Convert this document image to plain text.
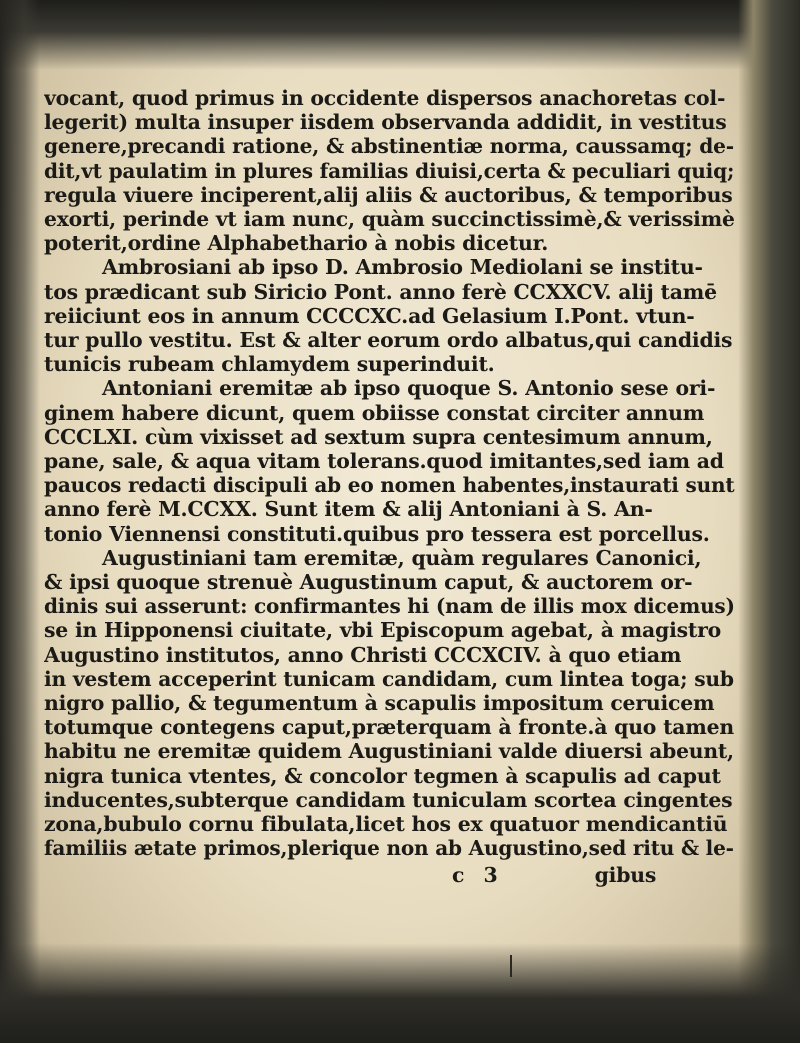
vocant, quod primus in occidente dispersos anachoretas col-
legerit) multa insuper iisdem observanda addidit, in vestitus
genere,precandi ratione, & abstinentiæ norma, caussamq; de-
dit,vt paulatim in plures familias diuisi,certa & peculiari quiq;
regula viuere inciperent,alij aliis & auctoribus, & temporibus
exorti, perinde vt iam nunc, quàm succinctissimè,& verissimè
poterit,ordine Alphabethario à nobis dicetur.
Ambrosiani ab ipso D. Ambrosio Mediolani se institu-
tos prædicant sub Siricio Pont. anno ferè CCXXCV. alij tamē
reiiciunt eos in annum CCCCXC.ad Gelasium I.Pont. vtun-
tur pullo vestitu. Est & alter eorum ordo albatus,qui candidis
tunicis rubeam chlamydem superinduit.
Antoniani eremitæ ab ipso quoque S. Antonio sese ori-
ginem habere dicunt, quem obiisse constat circiter annum
CCCLXI. cùm vixisset ad sextum supra centesimum annum,
pane, sale, & aqua vitam tolerans.quod imitantes,sed iam ad
paucos redacti discipuli ab eo nomen habentes,instaurati sunt
anno ferè M.CCXX. Sunt item & alij Antoniani à S. An-
tonio Viennensi constituti.quibus pro tessera est porcellus.
Augustiniani tam eremitæ, quàm regulares Canonici,
& ipsi quoque strenuè Augustinum caput, & auctorem or-
dinis sui asserunt: confirmantes hi (nam de illis mox dicemus)
se in Hipponensi ciuitate, vbi Episcopum agebat, à magistro
Augustino institutos, anno Christi CCCXCIV. à quo etiam
in vestem acceperint tunicam candidam, cum lintea toga; sub
nigro pallio, & tegumentum à scapulis impositum ceruicem
totumque contegens caput,præterquam à fronte.à quo tamen
habitu ne eremitæ quidem Augustiniani valde diuersi abeunt,
nigra tunica vtentes, & concolor tegmen à scapulis ad caput
inducentes,subterque candidam tuniculam scortea cingentes
zona,bubulo cornu fibulata,licet hos ex quatuor mendicantiū
familiis ætate primos,plerique non ab Augustino,sed ritu & le-
c 3	gibus
